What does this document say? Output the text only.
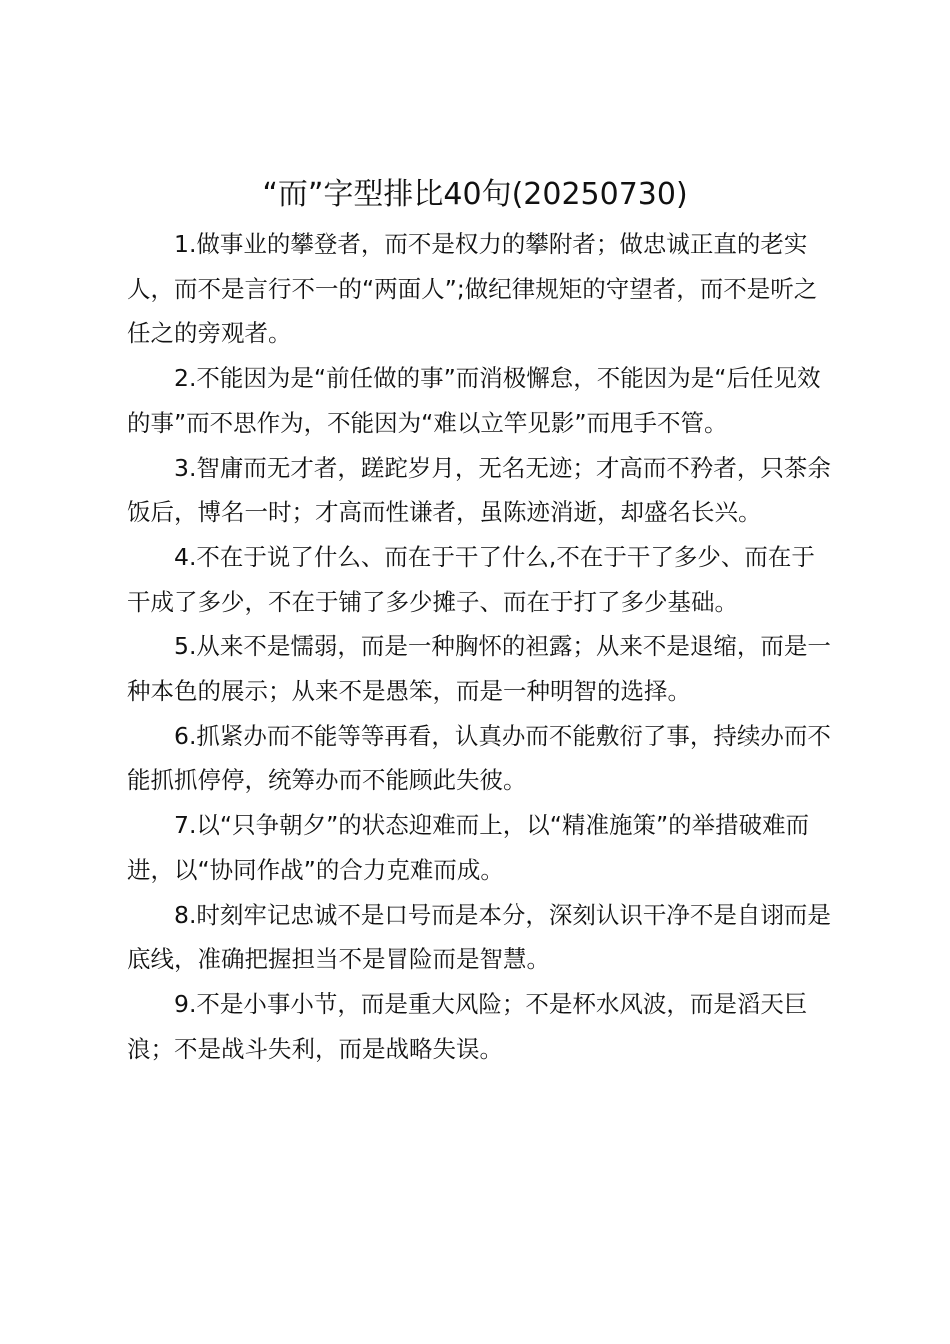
“而”字型排比40句(20250730)

1.做事业的攀登者，而不是权力的攀附者；做忠诚正直的老实人，而不是言行不一的“两面人”;做纪律规矩的守望者，而不是听之任之的旁观者。

2.不能因为是“前任做的事”而消极懈怠，不能因为是“后任见效的事”而不思作为，不能因为“难以立竿见影”而甩手不管。

3.智庸而无才者，蹉跎岁月，无名无迹；才高而不矜者，只茶余饭后，博名一时；才高而性谦者，虽陈迹消逝，却盛名长兴。

4.不在于说了什么、而在于干了什么,不在于干了多少、而在于干成了多少，不在于铺了多少摊子、而在于打了多少基础。

5.从来不是懦弱，而是一种胸怀的袒露；从来不是退缩，而是一种本色的展示；从来不是愚笨，而是一种明智的选择。

6.抓紧办而不能等等再看，认真办而不能敷衍了事，持续办而不能抓抓停停，统筹办而不能顾此失彼。

7.以“只争朝夕”的状态迎难而上，以“精准施策”的举措破难而进，以“协同作战”的合力克难而成。

8.时刻牢记忠诚不是口号而是本分，深刻认识干净不是自诩而是底线，准确把握担当不是冒险而是智慧。

9.不是小事小节，而是重大风险；不是杯水风波，而是滔天巨浪；不是战斗失利，而是战略失误。
